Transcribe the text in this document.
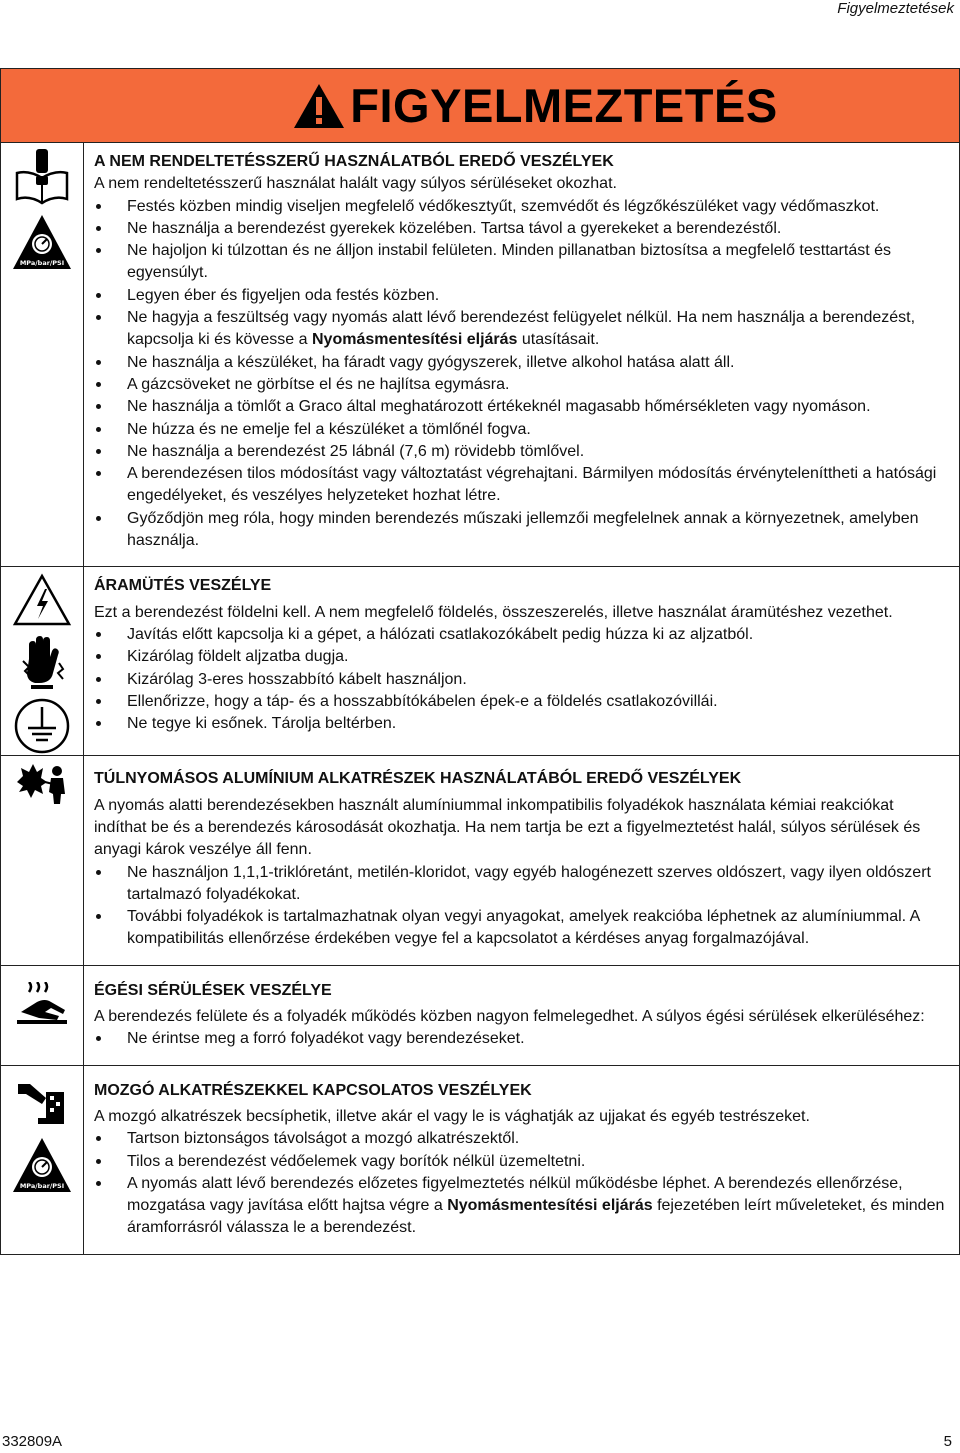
Figyelmeztetések
FIGYELMEZTETÉS
MPa/bar/PSI
A NEM RENDELTETÉSSZERŰ HASZNÁLATBÓL EREDŐ VESZÉLYEK
A nem rendeltetésszerű használat halált vagy súlyos sérüléseket okozhat.
Festés közben mindig viseljen megfelelő védőkesztyűt, szemvédőt és légzőkészüléket vagy védőmaszkot.
Ne használja a berendezést gyerekek közelében. Tartsa távol a gyerekeket a berendezéstől.
Ne hajoljon ki túlzottan és ne álljon instabil felületen. Minden pillanatban biztosítsa a megfelelő testtartást és egyensúlyt.
Legyen éber és figyeljen oda festés közben.
Ne hagyja a feszültség vagy nyomás alatt lévő berendezést felügyelet nélkül. Ha nem használja a berendezést, kapcsolja ki és kövesse a Nyomásmentesítési eljárás utasításait.
Ne használja a készüléket, ha fáradt vagy gyógyszerek, illetve alkohol hatása alatt áll.
A gázcsöveket ne görbítse el és ne hajlítsa egymásra.
Ne használja a tömlőt a Graco által meghatározott értékeknél magasabb hőmérsékleten vagy nyomáson.
Ne húzza és ne emelje fel a készüléket a tömlőnél fogva.
Ne használja a berendezést 25 lábnál (7,6 m) rövidebb tömlővel.
A berendezésen tilos módosítást vagy változtatást végrehajtani. Bármilyen módosítás érvényteleníttheti a hatósági engedélyeket, és veszélyes helyzeteket hozhat létre.
Győződjön meg róla, hogy minden berendezés műszaki jellemzői megfelelnek annak a környezetnek, amelyben használja.
ÁRAMÜTÉS VESZÉLYE
Ezt a berendezést földelni kell. A nem megfelelő földelés, összeszerelés, illetve használat áramütéshez vezethet.
Javítás előtt kapcsolja ki a gépet, a hálózati csatlakozókábelt pedig húzza ki az aljzatból.
Kizárólag földelt aljzatba dugja.
Kizárólag 3-eres hosszabbító kábelt használjon.
Ellenőrizze, hogy a táp- és a hosszabbítókábelen épek-e a földelés csatlakozóvillái.
Ne tegye ki esőnek. Tárolja beltérben.
TÚLNYOMÁSOS ALUMÍNIUM ALKATRÉSZEK HASZNÁLATÁBÓL EREDŐ VESZÉLYEK
A nyomás alatti berendezésekben használt alumíniummal inkompatibilis folyadékok használata kémiai reakciókat indíthat be és a berendezés károsodását okozhatja. Ha nem tartja be ezt a figyelmeztetést halál, súlyos sérülések és anyagi károk veszélye áll fenn.
Ne használjon 1,1,1-triklóretánt, metilén-kloridot, vagy egyéb halogénezett szerves oldószert, vagy ilyen oldószert tartalmazó folyadékokat.
További folyadékok is tartalmazhatnak olyan vegyi anyagokat, amelyek reakcióba léphetnek az alumíniummal. A kompatibilitás ellenőrzése érdekében vegye fel a kapcsolatot a kérdéses anyag forgalmazójával.
ÉGÉSI SÉRÜLÉSEK VESZÉLYE
A berendezés felülete és a folyadék működés közben nagyon felmelegedhet. A súlyos égési sérülések elkerüléséhez:
Ne érintse meg a forró folyadékot vagy berendezéseket.
MPa/bar/PSI
MOZGÓ ALKATRÉSZEKKEL KAPCSOLATOS VESZÉLYEK
A mozgó alkatrészek becsíphetik, illetve akár el vagy le is vághatják az ujjakat és egyéb testrészeket.
Tartson biztonságos távolságot a mozgó alkatrészektől.
Tilos a berendezést védőelemek vagy borítók nélkül üzemeltetni.
A nyomás alatt lévő berendezés előzetes figyelmeztetés nélkül működésbe léphet. A berendezés ellenőrzése, mozgatása vagy javítása előtt hajtsa végre a Nyomásmentesítési eljárás fejezetében leírt műveleteket, és minden áramforrásról válassza le a berendezést.
332809A	5
